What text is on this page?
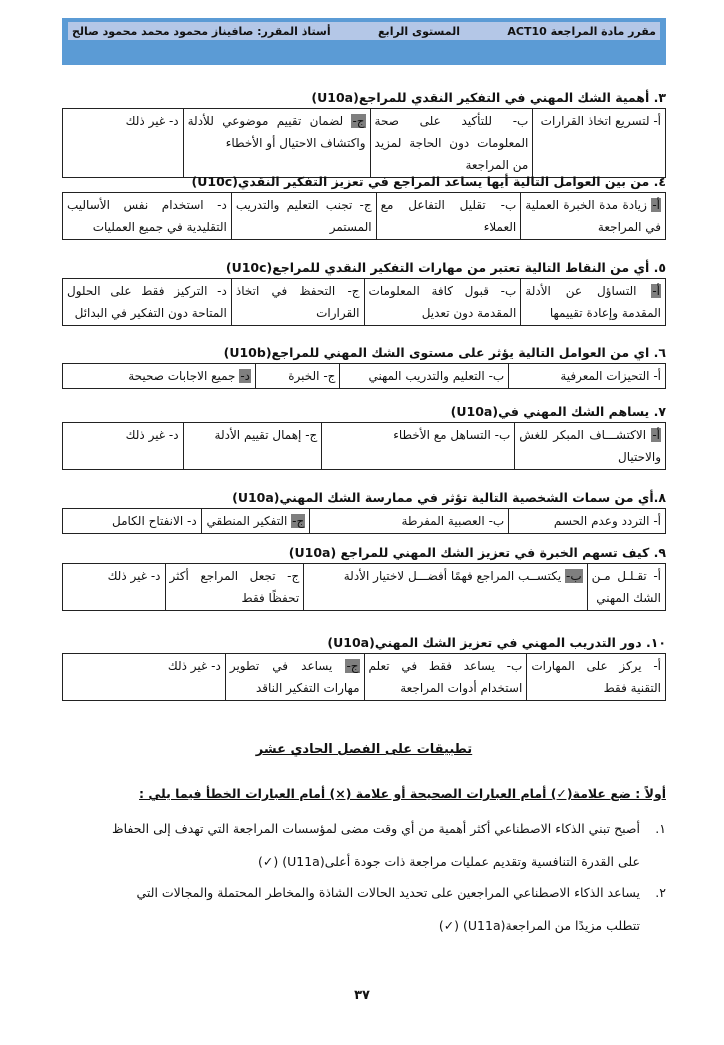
مقرر مادة المراجعة ACT10
المستوى الرابع
أستاذ المقرر: صافيناز محمود محمد محمود صالح
٣. أهمية الشك المهني في التفكير النقدي للمراجع(U10a)
أ- لتسريع اتخاذ القرارات	ب- للتأكيد على صحة المعلومات دون الحاجة لمزيد من المراجعة	ج- لضمان تقييم موضوعي للأدلة واكتشاف الاحتيال أو الأخطاء	د- غير ذلك
٤. من بين العوامل التالية أيها يساعد المراجع في تعزيز التفكير النقدي(U10c)
أ- زيادة مدة الخبرة العملية في المراجعة	ب- تقليل التفاعل مع العملاء	ج- تجنب التعليم والتدريب المستمر	د- استخدام نفس الأساليب التقليدية في جميع العمليات
٥. أي من النقاط التالية تعتبر من مهارات التفكير النقدي للمراجع(U10c)
أ- التساؤل عن الأدلة المقدمة وإعادة تقييمها	ب- قبول كافة المعلومات المقدمة دون تعديل	ج- التحفظ في اتخاذ القرارات	د- التركيز فقط على الحلول المتاحة دون التفكير في البدائل
٦. اي من العوامل التالية يؤثر على مستوى الشك المهني للمراجع(U10b)
أ- التحيزات المعرفية	ب- التعليم والتدريب المهني	ج- الخبرة	د- جميع الاجابات صحيحة
٧. يساهم الشك المهني في(U10a)
أ- الاكتشـــاف المبكر للغش والاحتيال	ب- التساهل مع الأخطاء	ج- إهمال تقييم الأدلة	د- غير ذلك
٨.أي من سمات الشخصية التالية تؤثر في ممارسة الشك المهني(U10a)
أ- التردد وعدم الحسم	ب- العصبية المفرطة	ج- التفكير المنطقي	د- الانفتاح الكامل
٩. كيف تسهم الخبرة في تعزيز الشك المهني للمراجع (U10a)
أ- تقـلـل مـن الشك المهني	ب- يكتســب المراجع فهمًا أفضـــل لاختيار الأدلة	ج- تجعل المراجع أكثر تحفظًا فقط	د- غير ذلك
١٠. دور التدريب المهني في تعزيز الشك المهني(U10a)
أ- يركز على المهارات التقنية فقط	ب- يساعد فقط في تعلم استخدام أدوات المراجعة	ج- يساعد في تطوير مهارات التفكير الناقد	د- غير ذلك
تطبيقات على الفصل الحادي عشر
أولاً : ضع علامة(✓) أمام العبارات الصحيحة أو علامة (×) أمام العبارات الخطأ فيما يلي :
١.أصبح تبني الذكاء الاصطناعي أكثر أهمية من أي وقت مضى لمؤسسات المراجعة التي تهدف إلى الحفاظ
على القدرة التنافسية وتقديم عمليات مراجعة ذات جودة أعلى(U11a) (✓)
٢.يساعد الذكاء الاصطناعي المراجعين على تحديد الحالات الشاذة والمخاطر المحتملة والمجالات التي
تتطلب مزيدًا من المراجعة(U11a) (✓)
٣٧
